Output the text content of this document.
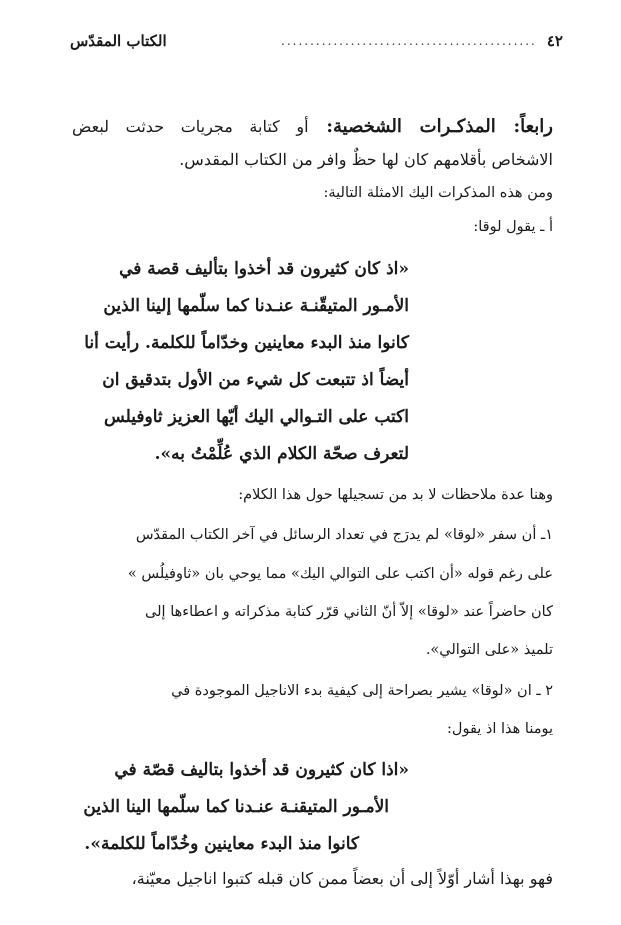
٤٢
............................................
الكتاب المقدّس
رابعاً: المذكـرات الشخصية: أو كتابة مجريات حدثت لبعض
الاشخاص بأقلامهم كان لها حظٌ وافر من الكتاب المقدس.
ومن هذه المذكرات اليك الامثلة التالية:
أ ـ يقول لوقا:
«اذ كان كثيرون قد أخذوا بتأليف قصة في
الأمـور المتيقّنـة عنـدنا كما سلّمها إلينا الذين
كانوا منذ البدء معاينين وخدّاماً للكلمة. رأيت أنا
أيضاً اذ تتبعت كل شيء من الأول بتدقيق ان
اكتب على التـوالي اليك أيّها العزيز ثاوفيلس
لتعرف صحّة الكلام الذي عُلِّمْتُ به».
وهنا عدة ملاحظات لا بد من تسجيلها حول هذا الكلام:
١ـ أن سفر «لوقا» لم يدرَج في تعداد الرسائل في آخر الكتاب المقدّس
على رغم قوله «أن اكتب على التوالي اليك» مما يوحي بان «ثاوفيلُس »
كان حاضراً عند «لوقا» إلاّ أنّ الثاني قرّر كتابة مذكراته و اعطاءها إلى
تلميذ «على التوالي».
٢ ـ ان «لوقا» يشير بصراحة إلى كيفية بدء الاناجيل الموجودة في
يومنا هذا اذ يقول:
«اذا كان كثيرون قد أخذوا بتاليف قصّة في
الأمـور المتيقنـة عنـدنا كما سلّمها الينا الذين
كانوا منذ البدء معاينين وخُدّاماً للكلمة».
فهو بهذا أشار أوّلاً إلى أن بعضاً ممن كان قبله كتبوا اناجيل معيّنة،
